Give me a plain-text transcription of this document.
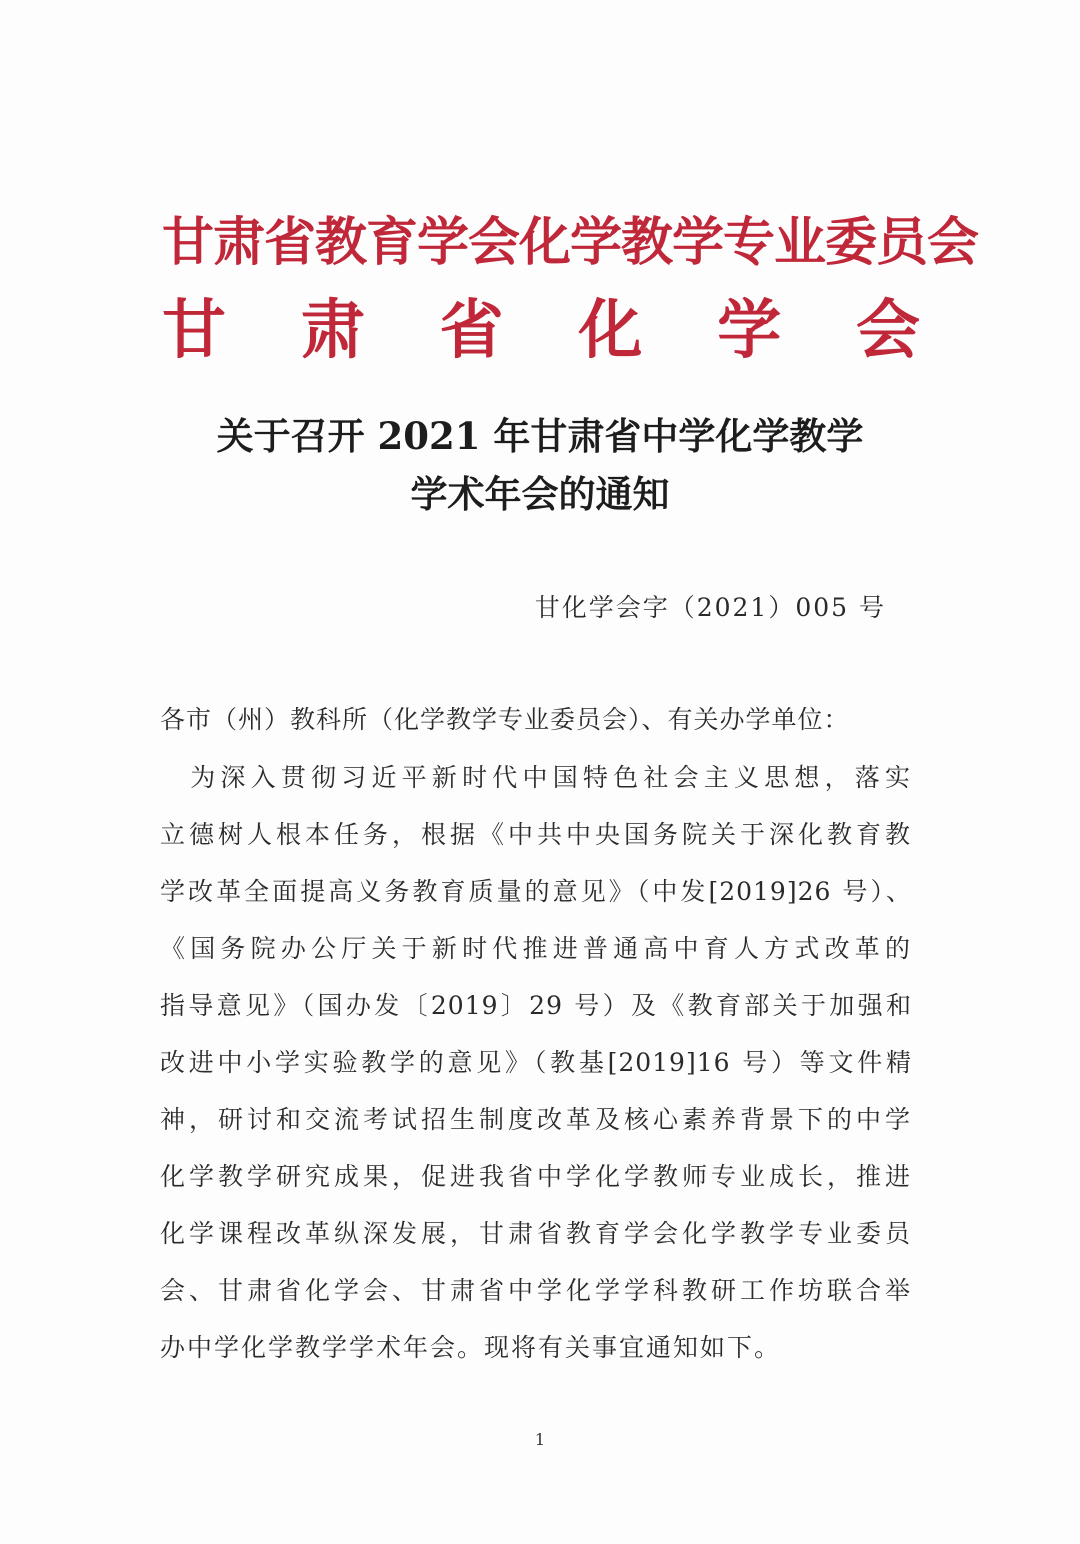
甘肃省教育学会化学教学专业委员会
甘 肃 省 化 学 会
关于召开 2021 年甘肃省中学化学教学
学术年会的通知
甘化学会字（2021）005 号
各市（州）教科所（化学教学专业委员会）、有关办学单位：
　为深入贯彻习近平新时代中国特色社会主义思想，落实
立德树人根本任务，根据《中共中央国务院关于深化教育教
学改革全面提高义务教育质量的意见》（中发[2019]26 号）、
《国务院办公厅关于新时代推进普通高中育人方式改革的
指导意见》（国办发〔2019〕29 号）及《教育部关于加强和
改进中小学实验教学的意见》（教基[2019]16 号）等文件精
神，研讨和交流考试招生制度改革及核心素养背景下的中学
化学教学研究成果，促进我省中学化学教师专业成长，推进
化学课程改革纵深发展，甘肃省教育学会化学教学专业委员
会、甘肃省化学会、甘肃省中学化学学科教研工作坊联合举
办中学化学教学学术年会。现将有关事宜通知如下。
1
